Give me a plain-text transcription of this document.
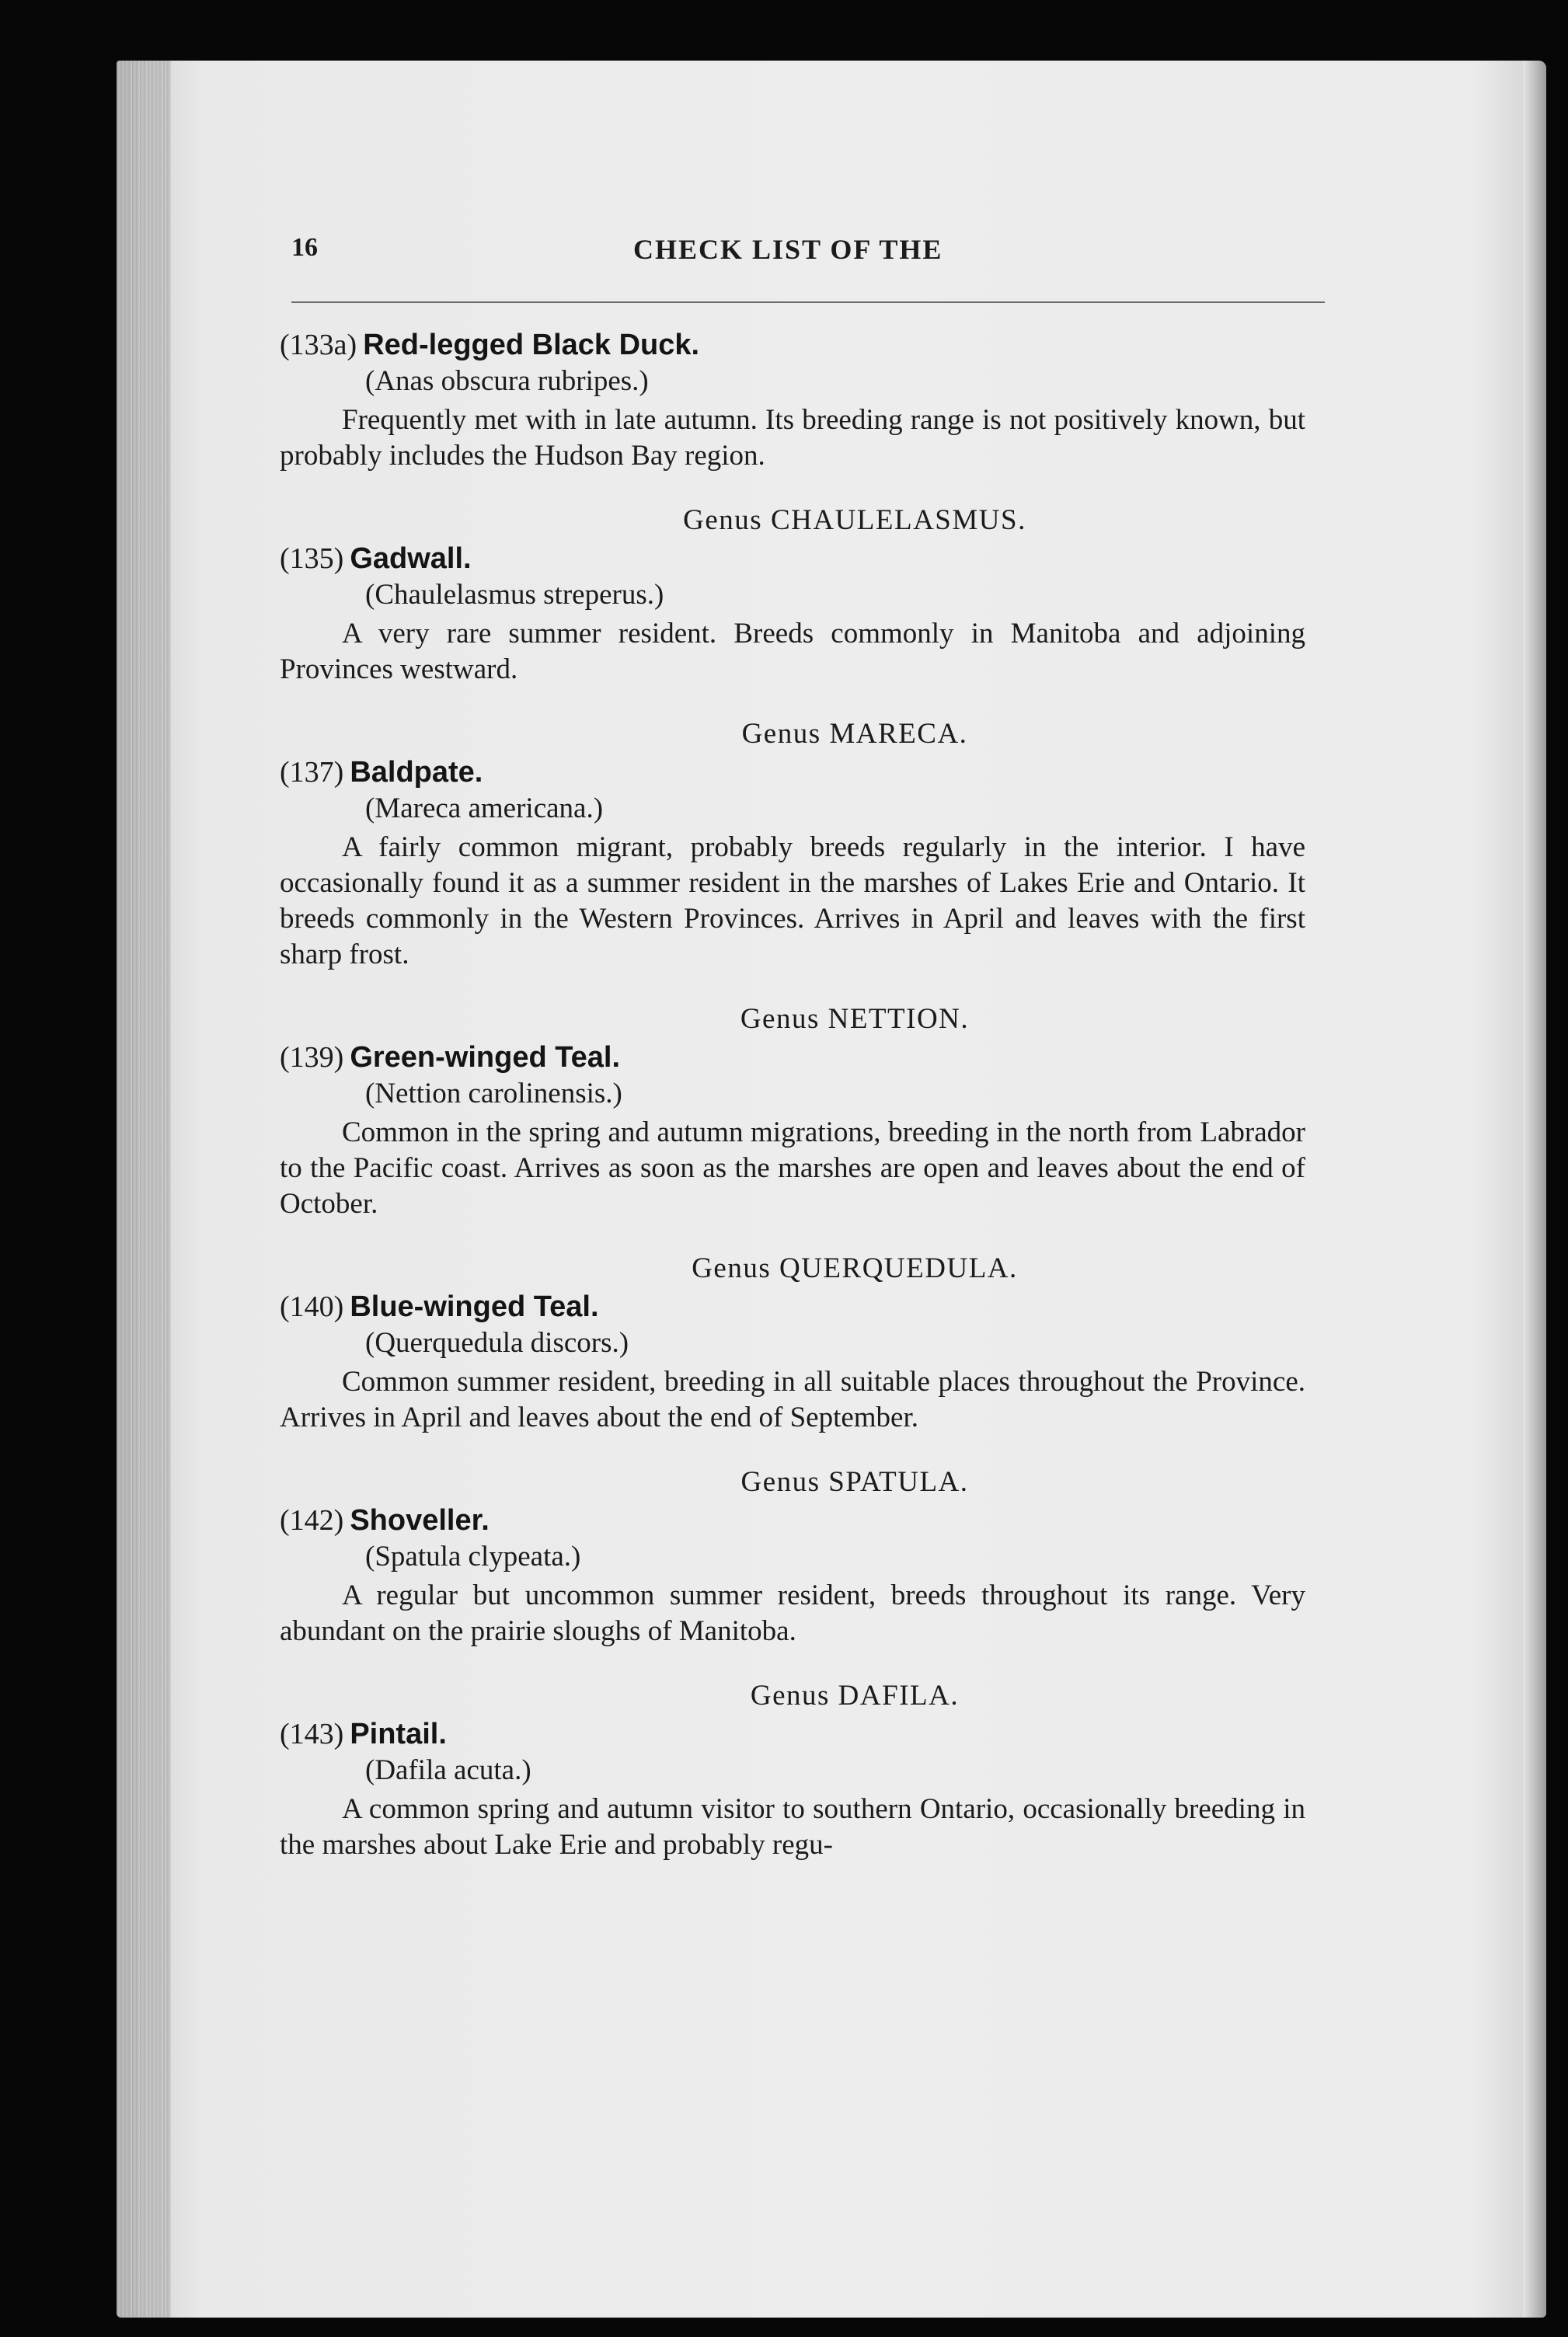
16	CHECK LIST OF THE

(133a) Red-legged Black Duck.

(Anas obscura rubripes.)

Frequently met with in late autumn. Its breeding range is not positively known, but probably includes the Hudson Bay region.

Genus CHAULELASMUS.

(135) Gadwall.

(Chaulelasmus streperus.)

A very rare summer resident. Breeds commonly in Manitoba and adjoining Provinces westward.

Genus MARECA.

(137) Baldpate.

(Mareca americana.)

A fairly common migrant, probably breeds regularly in the interior. I have occasionally found it as a summer resident in the marshes of Lakes Erie and Ontario. It breeds commonly in the Western Provinces. Arrives in April and leaves with the first sharp frost.

Genus NETTION.

(139) Green-winged Teal.

(Nettion carolinensis.)

Common in the spring and autumn migrations, breeding in the north from Labrador to the Pacific coast. Arrives as soon as the marshes are open and leaves about the end of October.

Genus QUERQUEDULA.

(140) Blue-winged Teal.

(Querquedula discors.)

Common summer resident, breeding in all suitable places throughout the Province. Arrives in April and leaves about the end of September.

Genus SPATULA.

(142) Shoveller.

(Spatula clypeata.)

A regular but uncommon summer resident, breeds throughout its range. Very abundant on the prairie sloughs of Manitoba.

Genus DAFILA.

(143) Pintail.

(Dafila acuta.)

A common spring and autumn visitor to southern Ontario, occasionally breeding in the marshes about Lake Erie and probably regu-
